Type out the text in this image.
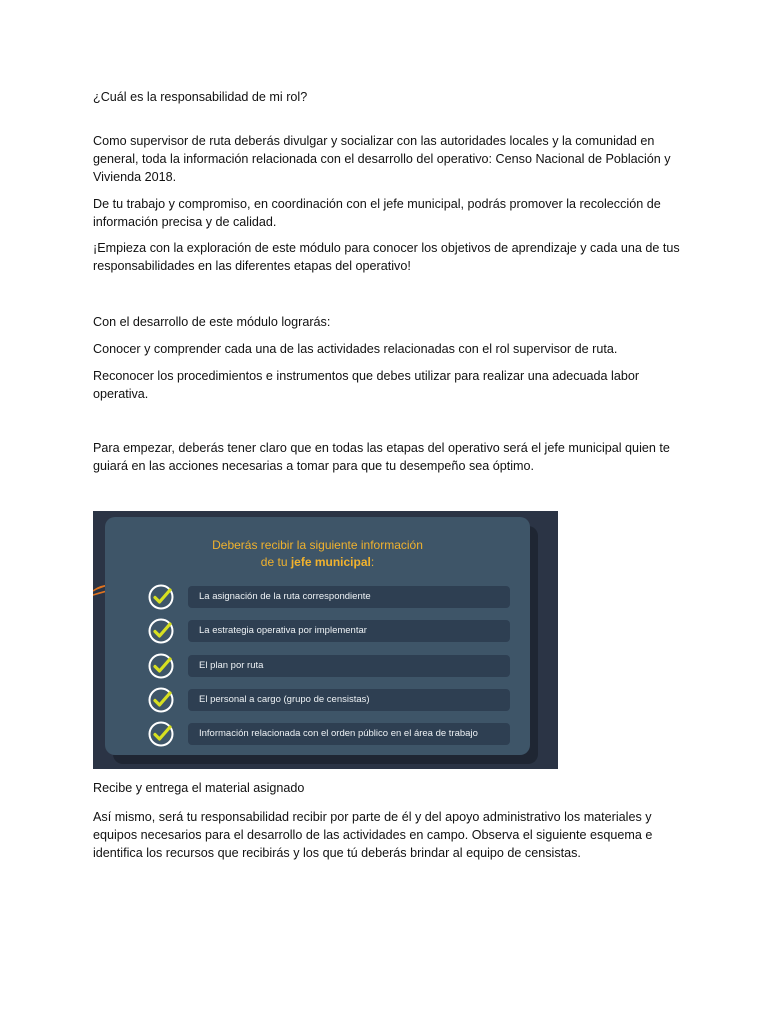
¿Cuál es la responsabilidad de mi rol?

Como supervisor de ruta deberás divulgar y socializar con las autoridades locales y la comunidad en general, toda la información relacionada con el desarrollo del operativo: Censo Nacional de Población y Vivienda 2018.

De tu trabajo y compromiso, en coordinación con el jefe municipal, podrás promover la recolección de información precisa y de calidad.

¡Empieza con la exploración de este módulo para conocer los objetivos de aprendizaje y cada una de tus responsabilidades en las diferentes etapas del operativo!

Con el desarrollo de este módulo lograrás:

Conocer y comprender cada una de las actividades relacionadas con el rol supervisor de ruta.

Reconocer los procedimientos e instrumentos que debes utilizar para realizar una adecuada labor operativa.

Para empezar, deberás tener claro que en todas las etapas del operativo será el jefe municipal quien te guiará en las acciones necesarias a tomar para que tu desempeño sea óptimo.

Deberás recibir la siguiente información
de tu jefe municipal:
La asignación de la ruta correspondiente
La estrategia operativa por implementar
El plan por ruta
El personal a cargo (grupo de censistas)
Información relacionada con el orden público en el área de trabajo

Recibe y entrega el material asignado

Así mismo, será tu responsabilidad recibir por parte de él y del apoyo administrativo los materiales y equipos necesarios para el desarrollo de las actividades en campo. Observa el siguiente esquema e identifica los recursos que recibirás y los que tú deberás brindar al equipo de censistas.
